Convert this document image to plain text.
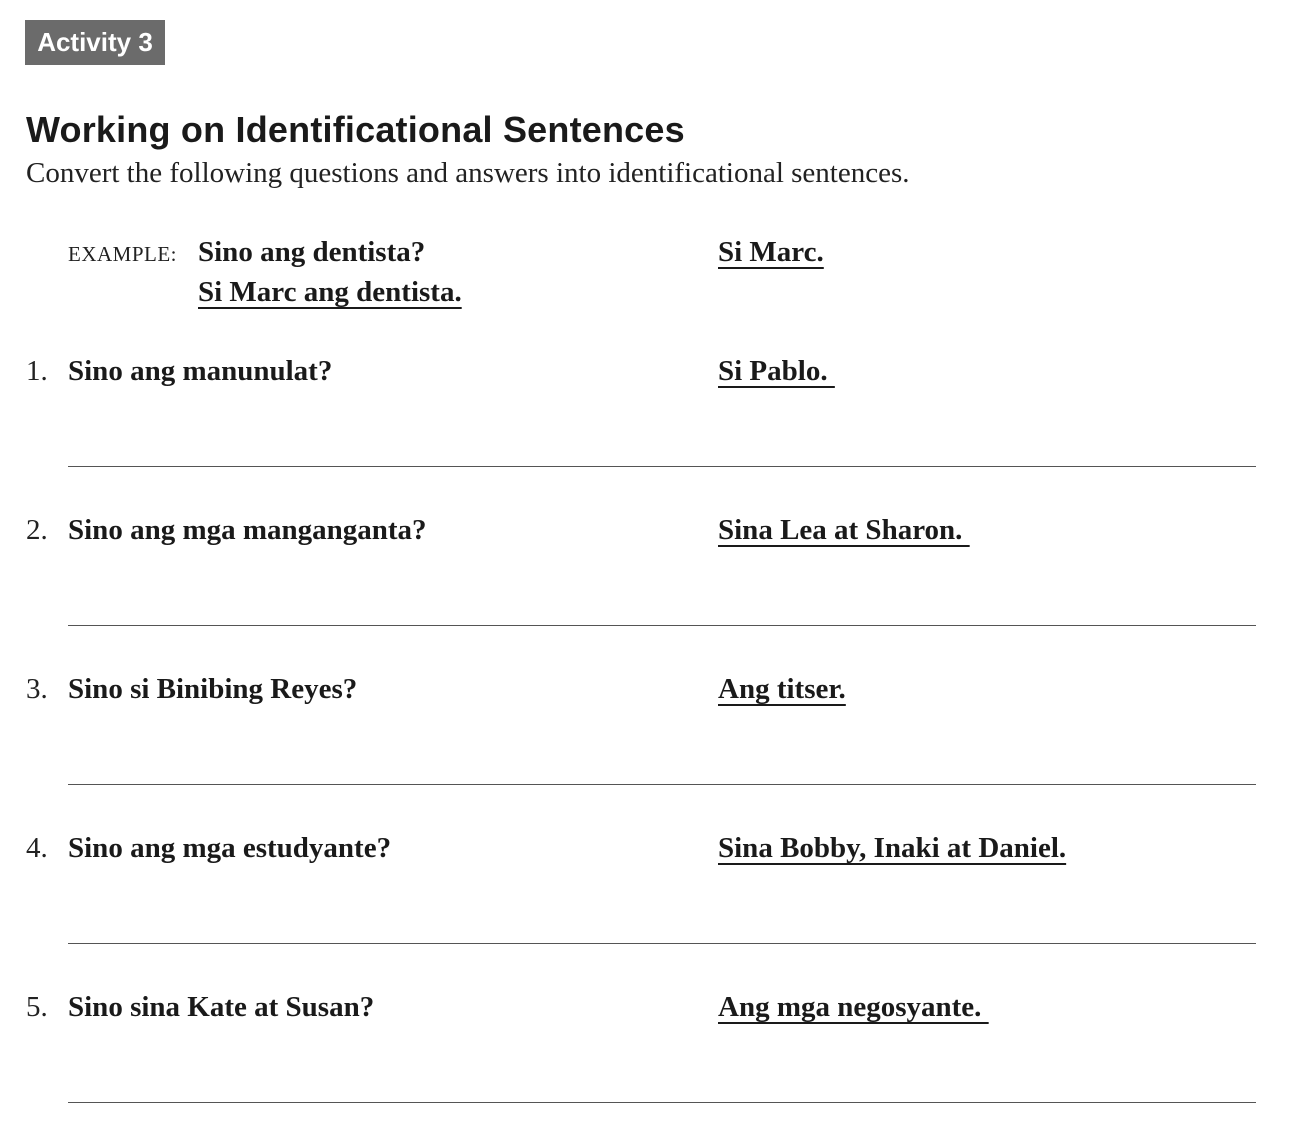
Activity 3
Working on Identificational Sentences
Convert the following questions and answers into identificational sentences.
EXAMPLE: Sino ang dentista?	Si Marc.
Si Marc ang dentista.
1. Sino ang manunulat?	Si Pablo.
2. Sino ang mga manganganta?	Sina Lea at Sharon.
3. Sino si Binibing Reyes?	Ang titser.
4. Sino ang mga estudyante?	Sina Bobby, Inaki at Daniel.
5. Sino sina Kate at Susan?	Ang mga negosyante.
